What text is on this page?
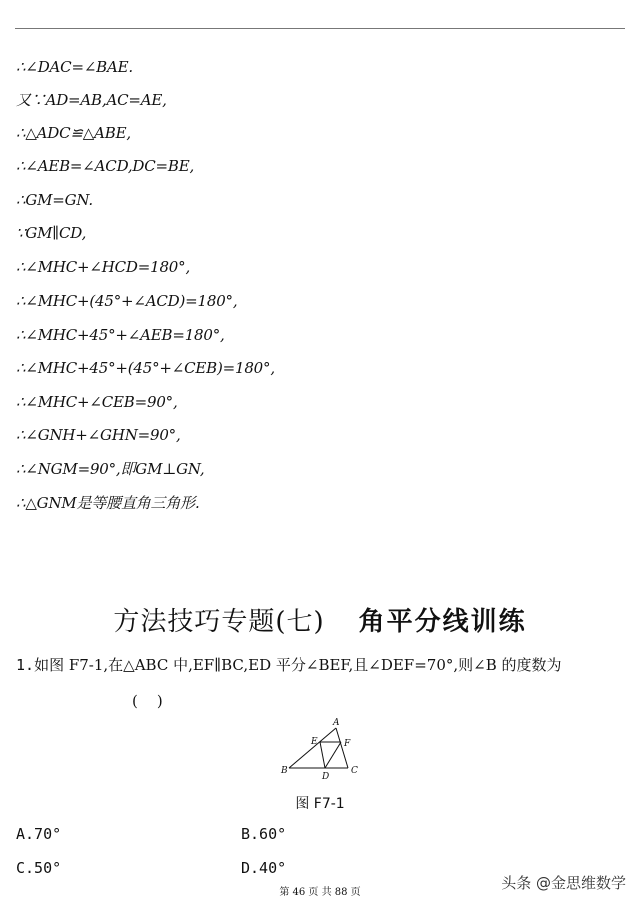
∴∠DAC=∠BAE.
又∵AD=AB,AC=AE,
∴△ADC≌△ABE,
∴∠AEB=∠ACD,DC=BE,
∴GM=GN.
∵GM∥CD,
∴∠MHC+∠HCD=180°,
∴∠MHC+(45°+∠ACD)=180°,
∴∠MHC+45°+∠AEB=180°,
∴∠MHC+45°+(45°+∠CEB)=180°,
∴∠MHC+∠CEB=90°,
∴∠GNH+∠GHN=90°,
∴∠NGM=90°,即GM⊥GN,
∴△GNM是等腰直角三角形.
方法技巧专题(七) 角平分线训练
1.如图 F7-1,在△ABC 中,EF∥BC,ED 平分∠BEF,且∠DEF=70°,则∠B 的度数为
(    )
A
B	C
D
E	F
图 F7-1
A.70°	B.60°
C.50°	D.40°
第 46 页 共 88 页
头条 @金思维数学
